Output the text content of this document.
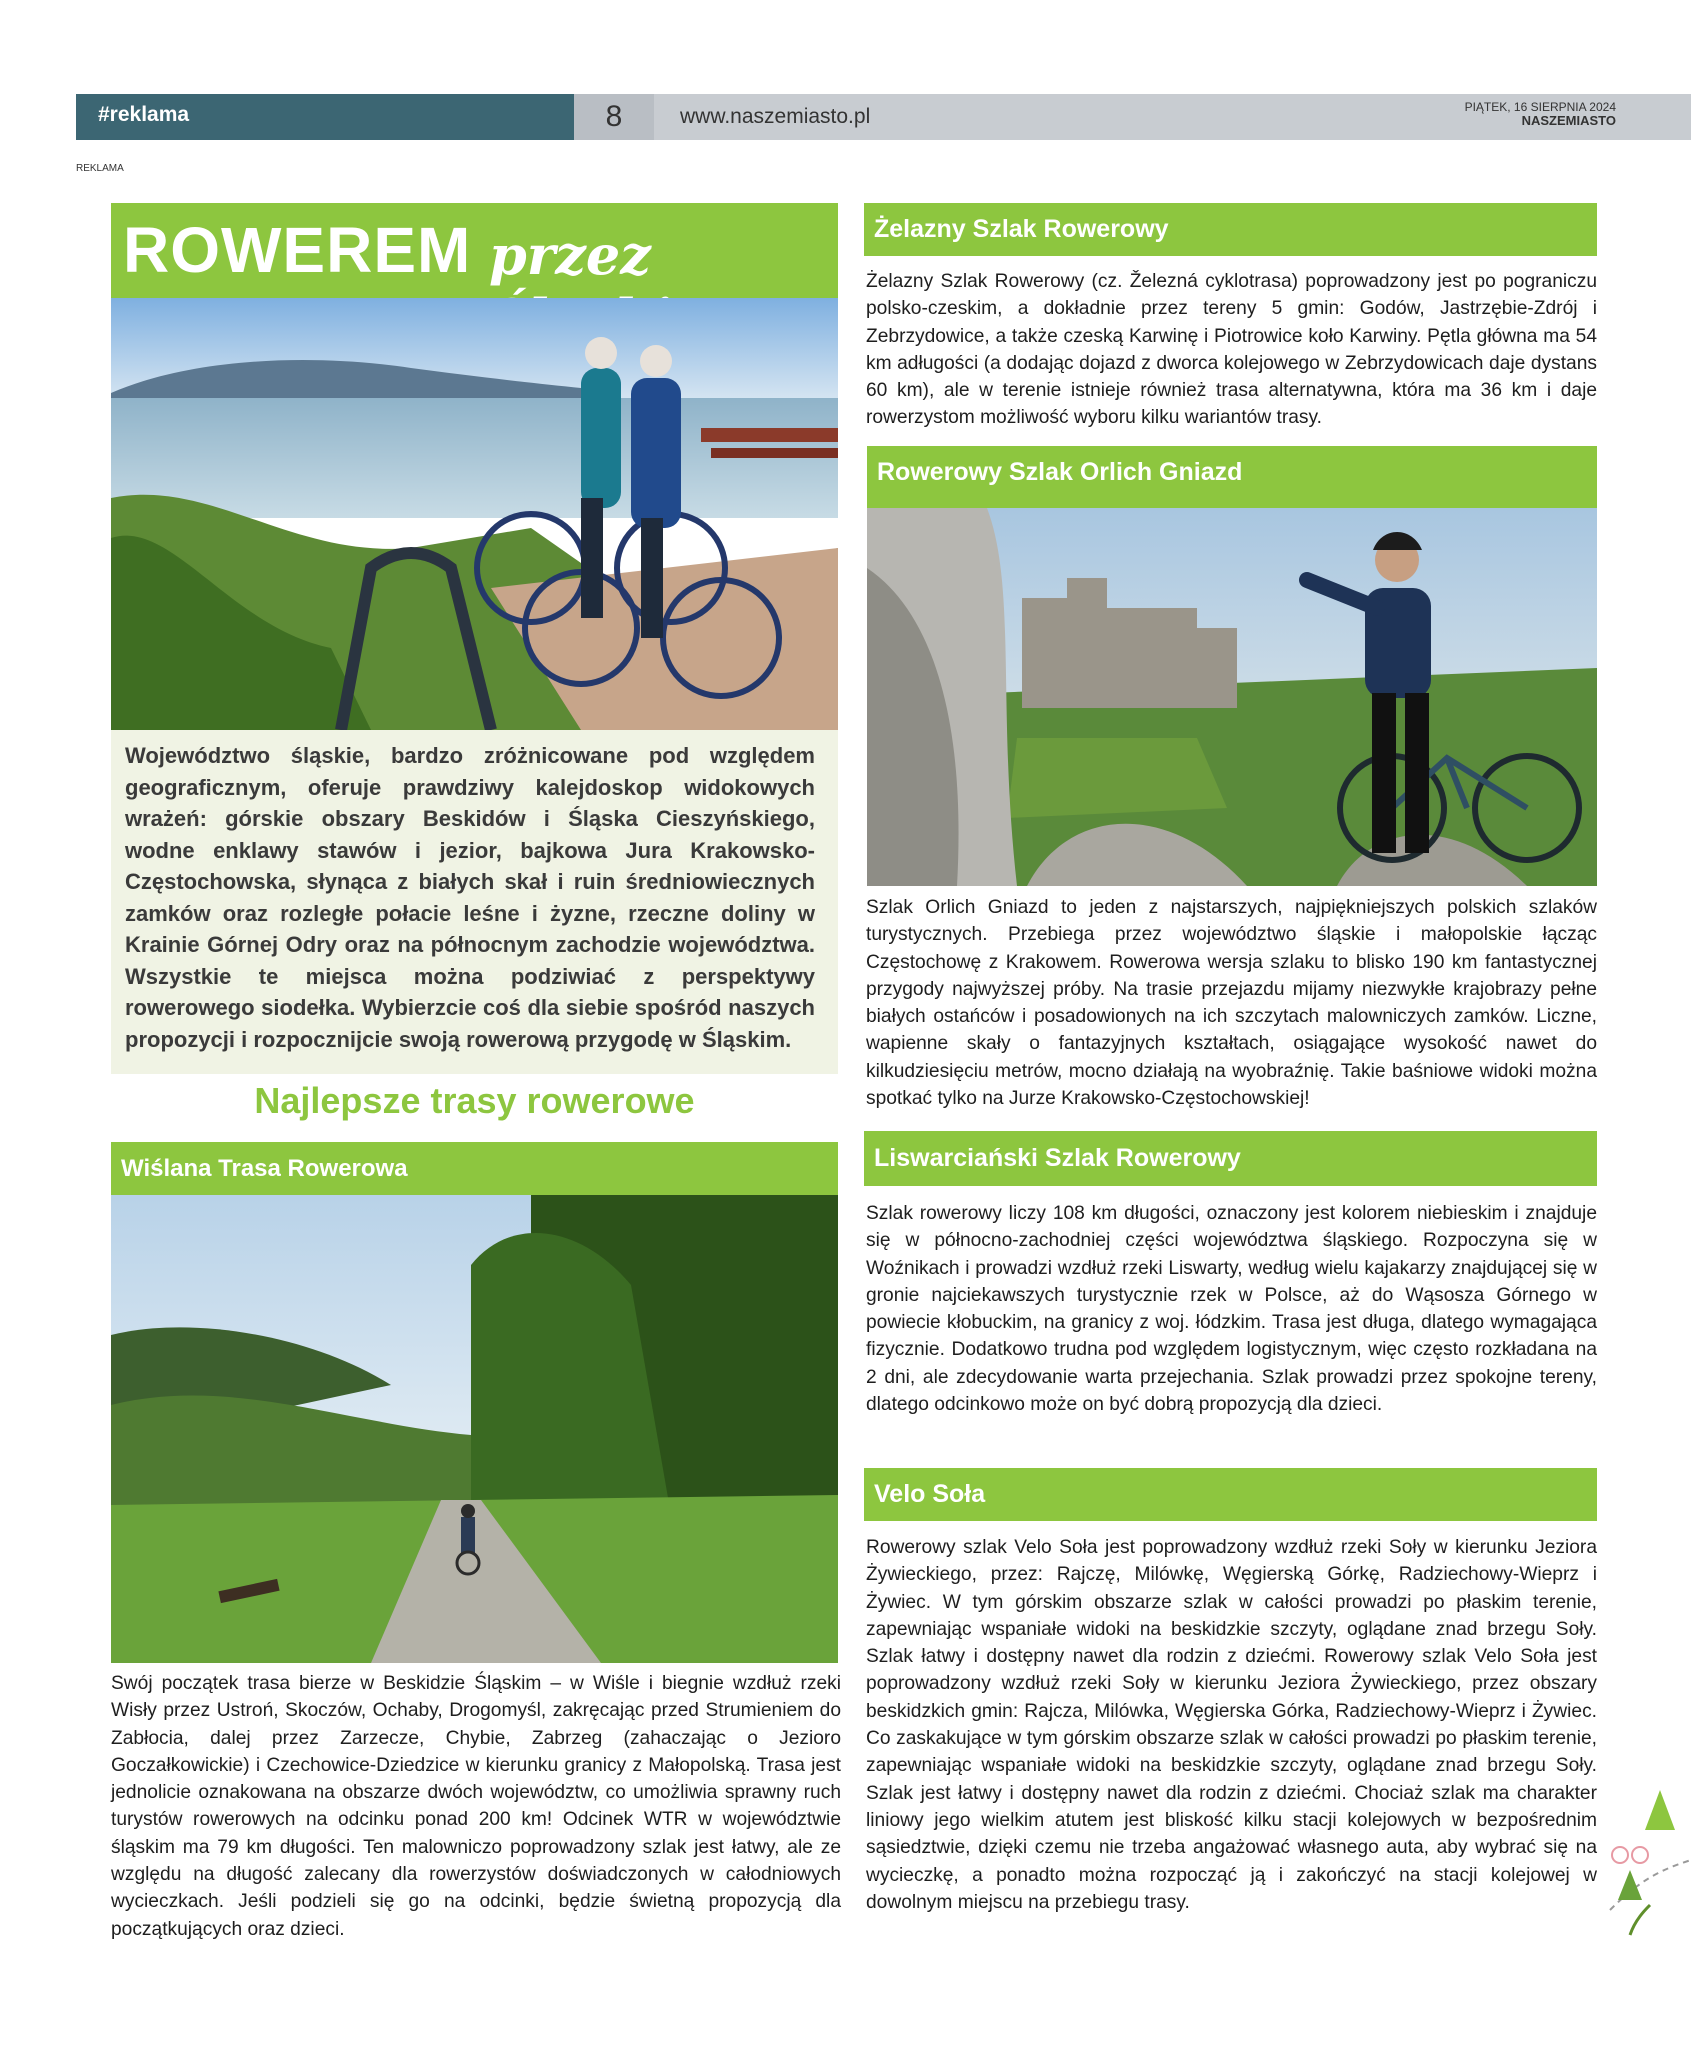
#reklama	8	www.naszemiasto.pl	PIĄTEK, 16 SIERPNIA 2024
NASZEMIASTO
REKLAMA
ROWEREM przez
Województwo śląskie, bardzo zróżnicowane pod względem geograficznym, oferuje prawdziwy kalejdoskop widokowych wrażeń: górskie obszary Beskidów i Śląska Cieszyńskiego, wodne enklawy stawów i jezior, bajkowa Jura Krakowsko-Częstochowska, słynąca z białych skał i ruin średniowiecznych zamków oraz rozległe połacie leśne i żyzne, rzeczne doliny w Krainie Górnej Odry oraz na północnym zachodzie województwa. Wszystkie te miejsca można podziwiać z perspektywy rowerowego siodełka. Wybierzcie coś dla siebie spośród naszych propozycji i rozpocznijcie swoją rowerową przygodę w Śląskim.
Najlepsze trasy rowerowe
Wiślana Trasa Rowerowa
Swój początek trasa bierze w Beskidzie Śląskim – w Wiśle i biegnie wzdłuż rzeki Wisły przez Ustroń, Skoczów, Ochaby, Drogomyśl, zakręcając przed Strumieniem do Zabłocia, dalej przez Zarzecze, Chybie, Zabrzeg (zahaczając o Jezioro Goczałkowickie) i Czechowice-Dziedzice w kierunku granicy z Małopolską. Trasa jest jednolicie oznakowana na obszarze dwóch województw, co umożliwia sprawny ruch turystów rowerowych na odcinku ponad 200 km! Odcinek WTR w województwie śląskim ma 79 km długości. Ten malowniczo poprowadzony szlak jest łatwy, ale ze względu na długość zalecany dla rowerzystów doświadczonych w całodniowych wycieczkach. Jeśli podzieli się go na odcinki, będzie świetną propozycją dla początkujących oraz dzieci.
Żelazny Szlak Rowerowy
Żelazny Szlak Rowerowy (cz. Železná cyklotrasa) poprowadzony jest po pograniczu polsko-czeskim, a dokładnie przez tereny 5 gmin: Godów, Jastrzębie-Zdrój i Zebrzydowice, a także czeską Karwinę i Piotrowice koło Karwiny. Pętla główna ma 54 km adługości (a dodając dojazd z dworca kolejowego w Zebrzydowicach daje dystans 60 km), ale w terenie istnieje również trasa alternatywna, która ma 36 km i daje rowerzystom możliwość wyboru kilku wariantów trasy.
Rowerowy Szlak Orlich Gniazd
Szlak Orlich Gniazd to jeden z najstarszych, najpiękniejszych polskich szlaków turystycznych. Przebiega przez województwo śląskie i małopolskie łącząc Częstochowę z Krakowem. Rowerowa wersja szlaku to blisko 190 km fantastycznej przygody najwyższej próby. Na trasie przejazdu mijamy niezwykłe krajobrazy pełne białych ostańców i posadowionych na ich szczytach malowniczych zamków. Liczne, wapienne skały o fantazyjnych kształtach, osiągające wysokość nawet do kilkudziesięciu metrów, mocno działają na wyobraźnię. Takie baśniowe widoki można spotkać tylko na Jurze Krakowsko-Częstochowskiej!
Liswarciański Szlak Rowerowy
Szlak rowerowy liczy 108 km długości, oznaczony jest kolorem niebieskim i znajduje się w północno-zachodniej części województwa śląskiego. Rozpoczyna się w Woźnikach i prowadzi wzdłuż rzeki Liswarty, według wielu kajakarzy znajdującej się w gronie najciekawszych turystycznie rzek w Polsce, aż do Wąsosza Górnego w powiecie kłobuckim, na granicy z woj. łódzkim. Trasa jest długa, dlatego wymagająca fizycznie. Dodatkowo trudna pod względem logistycznym, więc często rozkładana na 2 dni, ale zdecydowanie warta przejechania. Szlak prowadzi przez spokojne tereny, dlatego odcinkowo może on być dobrą propozycją dla dzieci.
Velo Soła
Rowerowy szlak Velo Soła jest poprowadzony wzdłuż rzeki Soły w kierunku Jeziora Żywieckiego, przez: Rajczę, Milówkę, Węgierską Górkę, Radziechowy-Wieprz i Żywiec. W tym górskim obszarze szlak w całości prowadzi po płaskim terenie, zapewniając wspaniałe widoki na beskidzkie szczyty, oglądane znad brzegu Soły. Szlak łatwy i dostępny nawet dla rodzin z dziećmi. Rowerowy szlak Velo Soła jest poprowadzony wzdłuż rzeki Soły w kierunku Jeziora Żywieckiego, przez obszary beskidzkich gmin: Rajcza, Milówka, Węgierska Górka, Radziechowy-Wieprz i Żywiec. Co zaskakujące w tym górskim obszarze szlak w całości prowadzi po płaskim terenie, zapewniając wspaniałe widoki na beskidzkie szczyty, oglądane znad brzegu Soły. Szlak jest łatwy i dostępny nawet dla rodzin z dziećmi. Chociaż szlak ma charakter liniowy jego wielkim atutem jest bliskość kilku stacji kolejowych w bezpośrednim sąsiedztwie, dzięki czemu nie trzeba angażować własnego auta, aby wybrać się na wycieczkę, a ponadto można rozpocząć ją i zakończyć na stacji kolejowej w dowolnym miejscu na przebiegu trasy.
